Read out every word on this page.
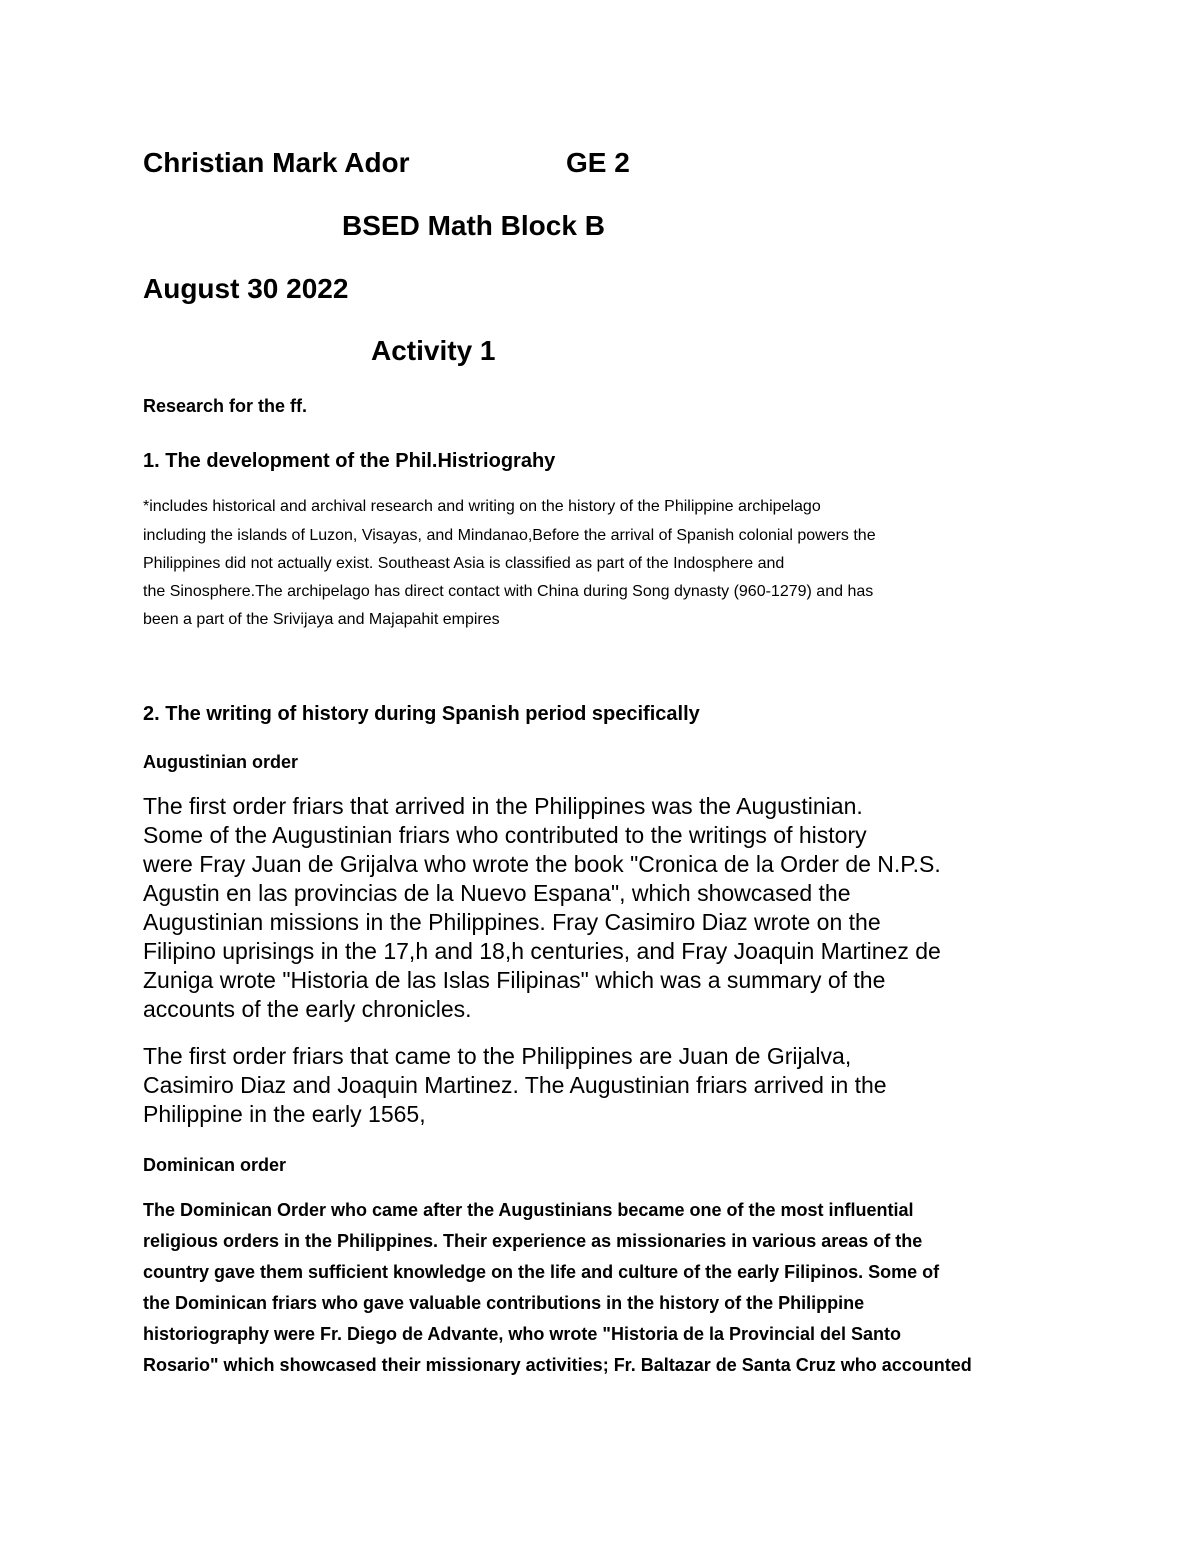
Christian Mark Ador	GE 2
BSED Math Block B
August 30 2022
Activity 1
Research for the ff.
1. The development of the Phil.Histriograhy
*includes historical and archival research and writing on the history of the Philippine archipelago
including the islands of Luzon, Visayas, and Mindanao,Before the arrival of Spanish colonial powers the
Philippines did not actually exist. Southeast Asia is classified as part of the Indosphere and
the Sinosphere.The archipelago has direct contact with China during Song dynasty (960-1279) and has
been a part of the Srivijaya and Majapahit empires
2. The writing of history during Spanish period specifically
Augustinian order
The first order friars that arrived in the Philippines was the Augustinian.
Some of the Augustinian friars who contributed to the writings of history
were Fray Juan de Grijalva who wrote the book "Cronica de la Order de N.P.S.
Agustin en las provincias de la Nuevo Espana", which showcased the
Augustinian missions in the Philippines. Fray Casimiro Diaz wrote on the
Filipino uprisings in the 17,h and 18,h centuries, and Fray Joaquin Martinez de
Zuniga wrote "Historia de las Islas Filipinas" which was a summary of the
accounts of the early chronicles.
The first order friars that came to the Philippines are Juan de Grijalva,
Casimiro Diaz and Joaquin Martinez. The Augustinian friars arrived in the
Philippine in the early 1565,
Dominican order
The Dominican Order who came after the Augustinians became one of the most influential
religious orders in the Philippines. Their experience as missionaries in various areas of the
country gave them sufficient knowledge on the life and culture of the early Filipinos. Some of
the Dominican friars who gave valuable contributions in the history of the Philippine
historiography were Fr. Diego de Advante, who wrote "Historia de la Provincial del Santo
Rosario" which showcased their missionary activities; Fr. Baltazar de Santa Cruz who accounted
